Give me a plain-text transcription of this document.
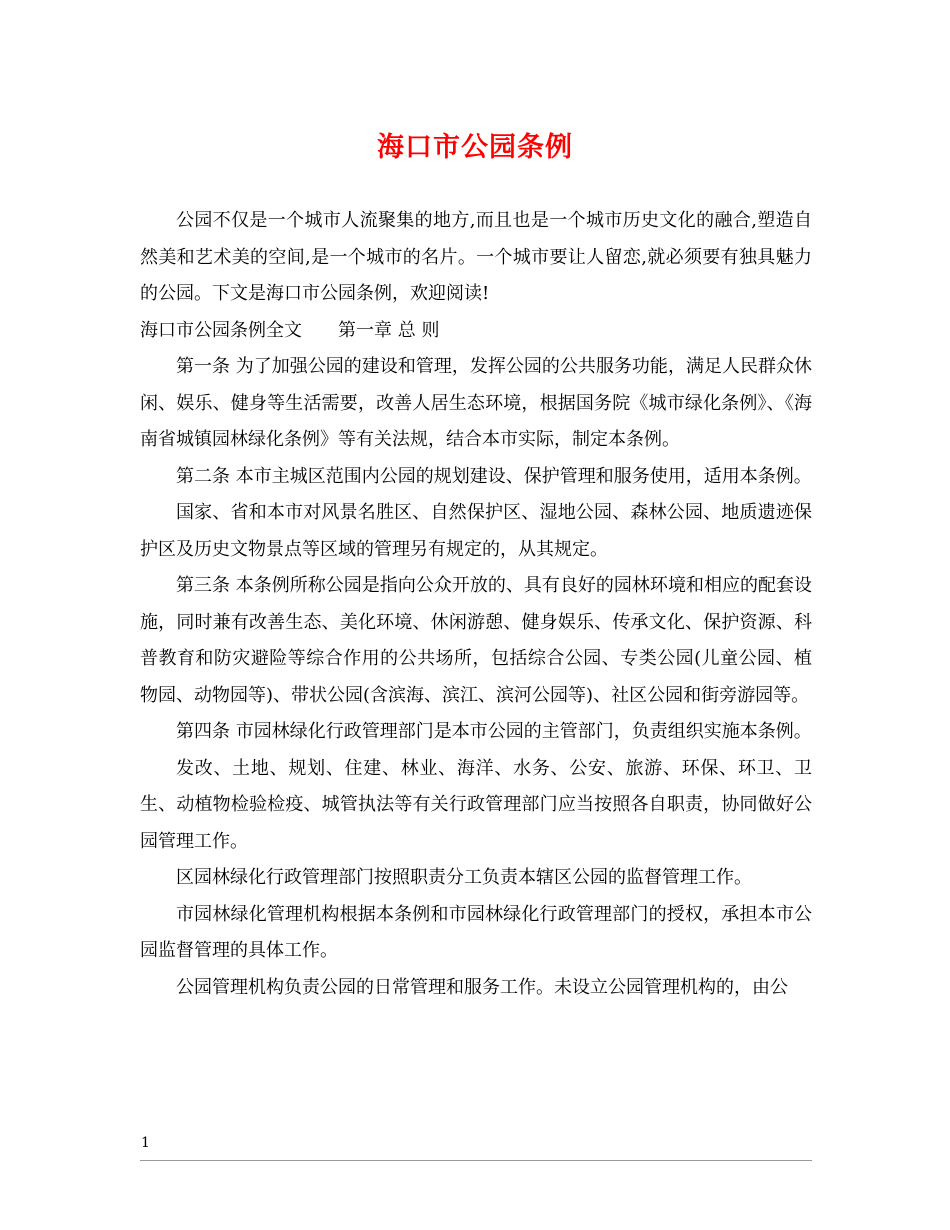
海口市公园条例

公园不仅是一个城市人流聚集的地方,而且也是一个城市历史文化的融合,塑造自然美和艺术美的空间,是一个城市的名片。一个城市要让人留恋,就必须要有独具魅力的公园。下文是海口市公园条例，欢迎阅读!

海口市公园条例全文 第一章 总 则

第一条 为了加强公园的建设和管理，发挥公园的公共服务功能，满足人民群众休闲、娱乐、健身等生活需要，改善人居生态环境，根据国务院《城市绿化条例》、《海南省城镇园林绿化条例》等有关法规，结合本市实际，制定本条例。

第二条 本市主城区范围内公园的规划建设、保护管理和服务使用，适用本条例。

国家、省和本市对风景名胜区、自然保护区、湿地公园、森林公园、地质遗迹保护区及历史文物景点等区域的管理另有规定的，从其规定。

第三条 本条例所称公园是指向公众开放的、具有良好的园林环境和相应的配套设施，同时兼有改善生态、美化环境、休闲游憩、健身娱乐、传承文化、保护资源、科普教育和防灾避险等综合作用的公共场所，包括综合公园、专类公园(儿童公园、植物园、动物园等)、带状公园(含滨海、滨江、滨河公园等)、社区公园和街旁游园等。

第四条 市园林绿化行政管理部门是本市公园的主管部门，负责组织实施本条例。

发改、土地、规划、住建、林业、海洋、水务、公安、旅游、环保、环卫、卫生、动植物检验检疫、城管执法等有关行政管理部门应当按照各自职责，协同做好公园管理工作。

区园林绿化行政管理部门按照职责分工负责本辖区公园的监督管理工作。

市园林绿化管理机构根据本条例和市园林绿化行政管理部门的授权，承担本市公园监督管理的具体工作。

公园管理机构负责公园的日常管理和服务工作。未设立公园管理机构的，由公

1
